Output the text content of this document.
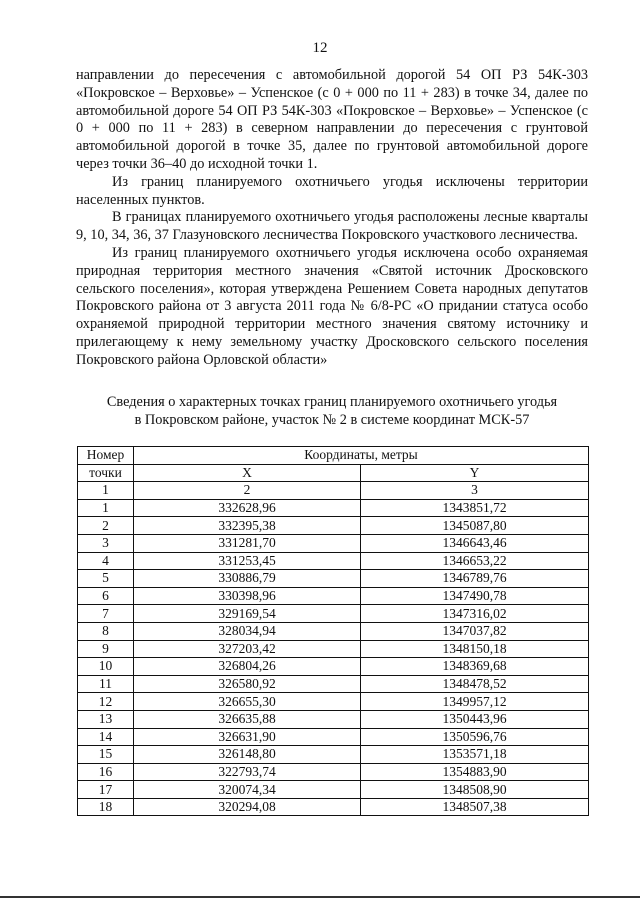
12

направлении до пересечения с автомобильной дорогой 54 ОП РЗ 54К-303 «Покровское – Верховье» – Успенское (с 0 + 000 по 11 + 283) в точке 34, далее по автомобильной дороге 54 ОП РЗ 54К-303 «Покровское – Верховье» – Успенское (с 0 + 000 по 11 + 283) в северном направлении до пересечения с грунтовой автомобильной дорогой в точке 35, далее по грунтовой автомобильной дороге через точки 36–40 до исходной точки 1.

Из границ планируемого охотничьего угодья исключены территории населенных пунктов.

В границах планируемого охотничьего угодья расположены лесные кварталы 9, 10, 34, 36, 37 Глазуновского лесничества Покровского участкового лесничества.

Из границ планируемого охотничьего угодья исключена особо охраняемая природная территория местного значения «Святой источник Дросковского сельского поселения», которая утверждена Решением Совета народных депутатов Покровского района от 3 августа 2011 года № 6/8-РС «О придании статуса особо охраняемой природной территории местного значения святому источнику и прилегающему к нему земельному участку Дросковского сельского поселения Покровского района Орловской области»

Сведения о характерных точках границ планируемого охотничьего угодья
в Покровском районе, участок № 2 в системе координат МСК-57
Номер	Координаты, метры	
точки	X	Y
1	2	3
1	332628,96	1343851,72
2	332395,38	1345087,80
3	331281,70	1346643,46
4	331253,45	1346653,22
5	330886,79	1346789,76
6	330398,96	1347490,78
7	329169,54	1347316,02
8	328034,94	1347037,82
9	327203,42	1348150,18
10	326804,26	1348369,68
11	326580,92	1348478,52
12	326655,30	1349957,12
13	326635,88	1350443,96
14	326631,90	1350596,76
15	326148,80	1353571,18
16	322793,74	1354883,90
17	320074,34	1348508,90
18	320294,08	1348507,38
